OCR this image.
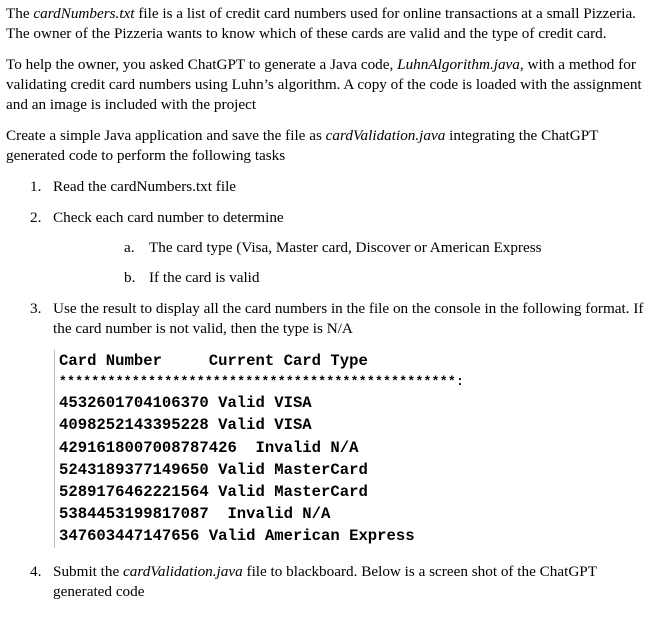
The cardNumbers.txt file is a list of credit card numbers used for online transactions at a small Pizzeria. The owner of the Pizzeria wants to know which of these cards are valid and the type of credit card.

To help the owner, you asked ChatGPT to generate a Java code, LuhnAlgorithm.java, with a method for validating credit card numbers using Luhn’s algorithm. A copy of the code is loaded with the assignment and an image is included with the project

Create a simple Java application and save the file as cardValidation.java integrating the ChatGPT generated code to perform the following tasks

1. Read the cardNumbers.txt file
2. Check each card number to determine
a. The card type (Visa, Master card, Discover or American Express
b. If the card is valid
3. Use the result to display all the card numbers in the file on the console in the following format. If the card number is not valid, then the type is N/A
Card Number     Current Card Type
*************************************************:
4532601704106370 Valid VISA
4098252143395228 Valid VISA
4291618007008787426  Invalid N/A
5243189377149650 Valid MasterCard
5289176462221564 Valid MasterCard
5384453199817087  Invalid N/A
347603447147656 Valid American Express
4. Submit the cardValidation.java file to blackboard. Below is a screen shot of the ChatGPT generated code
